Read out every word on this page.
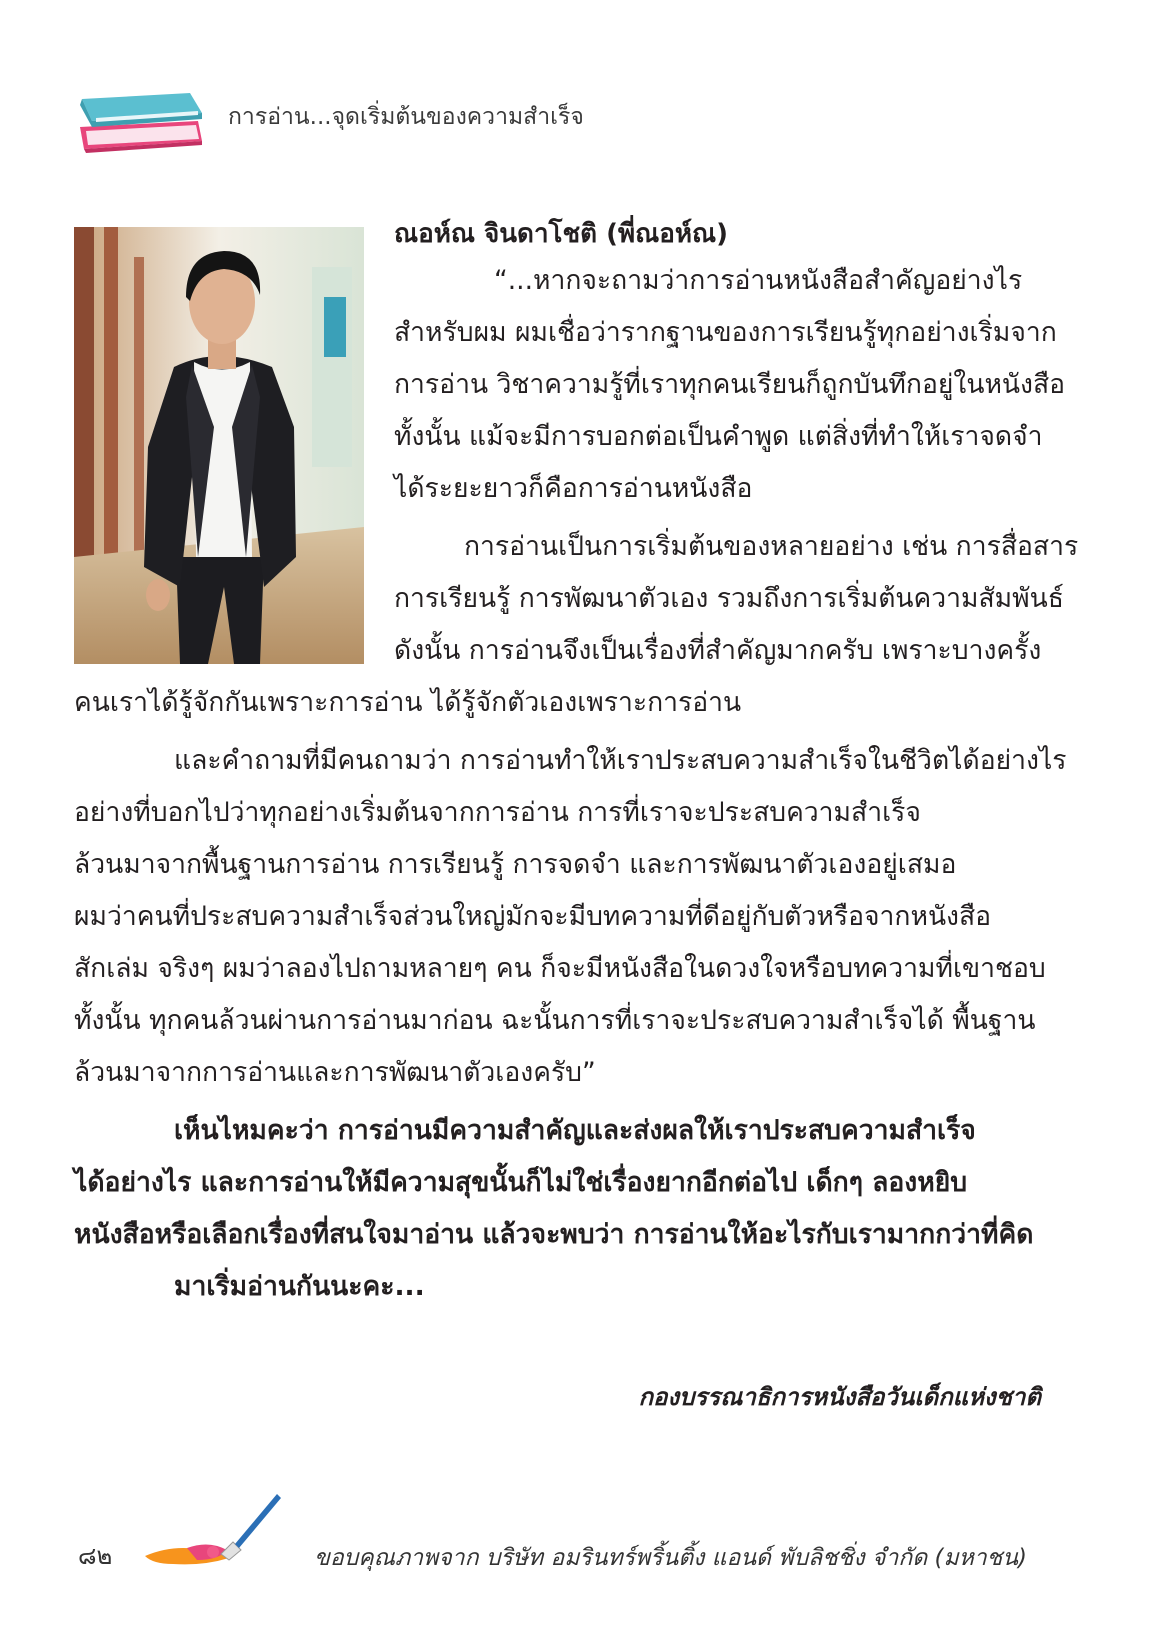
การอ่าน...จุดเริ่มต้นของความสำเร็จ

ณอห์ณ จินดาโชติ (พี่ณอห์ณ)

“...หากจะถามว่าการอ่านหนังสือสำคัญอย่างไร

สำหรับผม ผมเชื่อว่ารากฐานของการเรียนรู้ทุกอย่างเริ่มจาก

การอ่าน วิชาความรู้ที่เราทุกคนเรียนก็ถูกบันทึกอยู่ในหนังสือ

ทั้งนั้น แม้จะมีการบอกต่อเป็นคำพูด แต่สิ่งที่ทำให้เราจดจำ

ได้ระยะยาวก็คือการอ่านหนังสือ

การอ่านเป็นการเริ่มต้นของหลายอย่าง เช่น การสื่อสาร

การเรียนรู้ การพัฒนาตัวเอง รวมถึงการเริ่มต้นความสัมพันธ์

ดังนั้น การอ่านจึงเป็นเรื่องที่สำคัญมากครับ เพราะบางครั้ง

คนเราได้รู้จักกันเพราะการอ่าน ได้รู้จักตัวเองเพราะการอ่าน

และคำถามที่มีคนถามว่า การอ่านทำให้เราประสบความสำเร็จในชีวิตได้อย่างไร

อย่างที่บอกไปว่าทุกอย่างเริ่มต้นจากการอ่าน การที่เราจะประสบความสำเร็จ

ล้วนมาจากพื้นฐานการอ่าน การเรียนรู้ การจดจำ และการพัฒนาตัวเองอยู่เสมอ

ผมว่าคนที่ประสบความสำเร็จส่วนใหญ่มักจะมีบทความที่ดีอยู่กับตัวหรือจากหนังสือ

สักเล่ม จริงๆ ผมว่าลองไปถามหลายๆ คน ก็จะมีหนังสือในดวงใจหรือบทความที่เขาชอบ

ทั้งนั้น ทุกคนล้วนผ่านการอ่านมาก่อน ฉะนั้นการที่เราจะประสบความสำเร็จได้ พื้นฐาน

ล้วนมาจากการอ่านและการพัฒนาตัวเองครับ”

เห็นไหมคะว่า การอ่านมีความสำคัญและส่งผลให้เราประสบความสำเร็จ

ได้อย่างไร และการอ่านให้มีความสุขนั้นก็ไม่ใช่เรื่องยากอีกต่อไป เด็กๆ ลองหยิบ

หนังสือหรือเลือกเรื่องที่สนใจมาอ่าน แล้วจะพบว่า การอ่านให้อะไรกับเรามากกว่าที่คิด

มาเริ่มอ่านกันนะคะ...

กองบรรณาธิการหนังสือวันเด็กแห่งชาติ

๘๒	ขอบคุณภาพจาก บริษัท อมรินทร์พริ้นติ้ง แอนด์ พับลิชชิ่ง จำกัด (มหาชน)
